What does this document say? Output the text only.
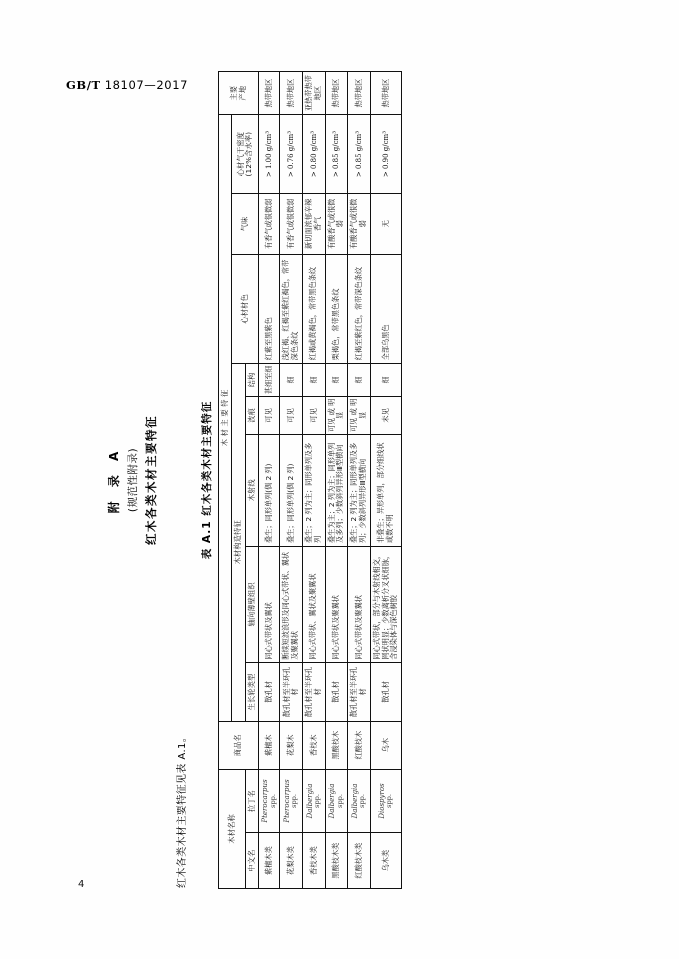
GB/T 18107—2017
4
附 录 A (规范性附录) 红木各类木材主要特征
红木各类木材主要特征见表 A.1。
表 A.1 红木各类木材主要特征
木材名称		商品名	木 材 主 要 特 征								主要
产地
			木材构造特征					心材材色	气味	心材气干密度
(12%含水率)	
中文名	拉丁名		生长轮类型	轴向薄壁组织	木射线	波痕	结构				
紫檀木类	Pterocarpus spp.	紫檀木	散孔材	同心式带状及翼状	叠生；同形单列(偶 2 列)	可见	甚细至细	红紫至黑紫色	有香气或很微弱	> 1.00 g/cm³	热带地区
花梨木类	Pterocarpus spp.	花梨木	散孔材至半环孔材	断续短波浪形及同心式带状、翼状及聚翼状	叠生；同形单列(偶 2 列)	可见	细	浅红褐、红褐至紫红褐色，常带深色条纹	有香气或很微弱	> 0.76 g/cm³	热带地区
香枝木类	Dalbergia spp.	香枝木	散孔材至半环孔材	同心式带状、翼状及聚翼状	叠生；2 列为主；同形单列及多列	可见	细	红褐或黄褐色，常带黑色条纹	新切面浓郁辛辣香气	> 0.80 g/cm³	亚热带热带地区
黑酸枝木类	Dalbergia spp.	黑酸枝木	散孔材	同心式带状及聚翼状	叠生为主；2 列为主；同形单列及多列；少数斜列异形Ⅲ型横向	可见 或 明显	细	栗褐色，常带黑色条纹	有酸香气或很微弱	> 0.85 g/cm³	热带地区
红酸枝木类	Dalbergia spp.	红酸枝木	散孔材至半环孔材	同心式带状及聚翼状	叠生；2 列为主；同形单列及多列；少数斜列异形Ⅲ型横向	可见 或 明显	细	红褐至紫红色，常带深色条纹	有酸香气或很微弱	> 0.85 g/cm³	热带地区
乌木类	Diospyros spp.	乌木	散孔材	同心式带状，部分与木射线相交，网状明显；少数离析分叉状细脉，含浸染体与深色树胶	非叠生；异形单列，部分细线状或数不明	未见	细	全部乌黑色	无	> 0.90 g/cm³	热带地区
